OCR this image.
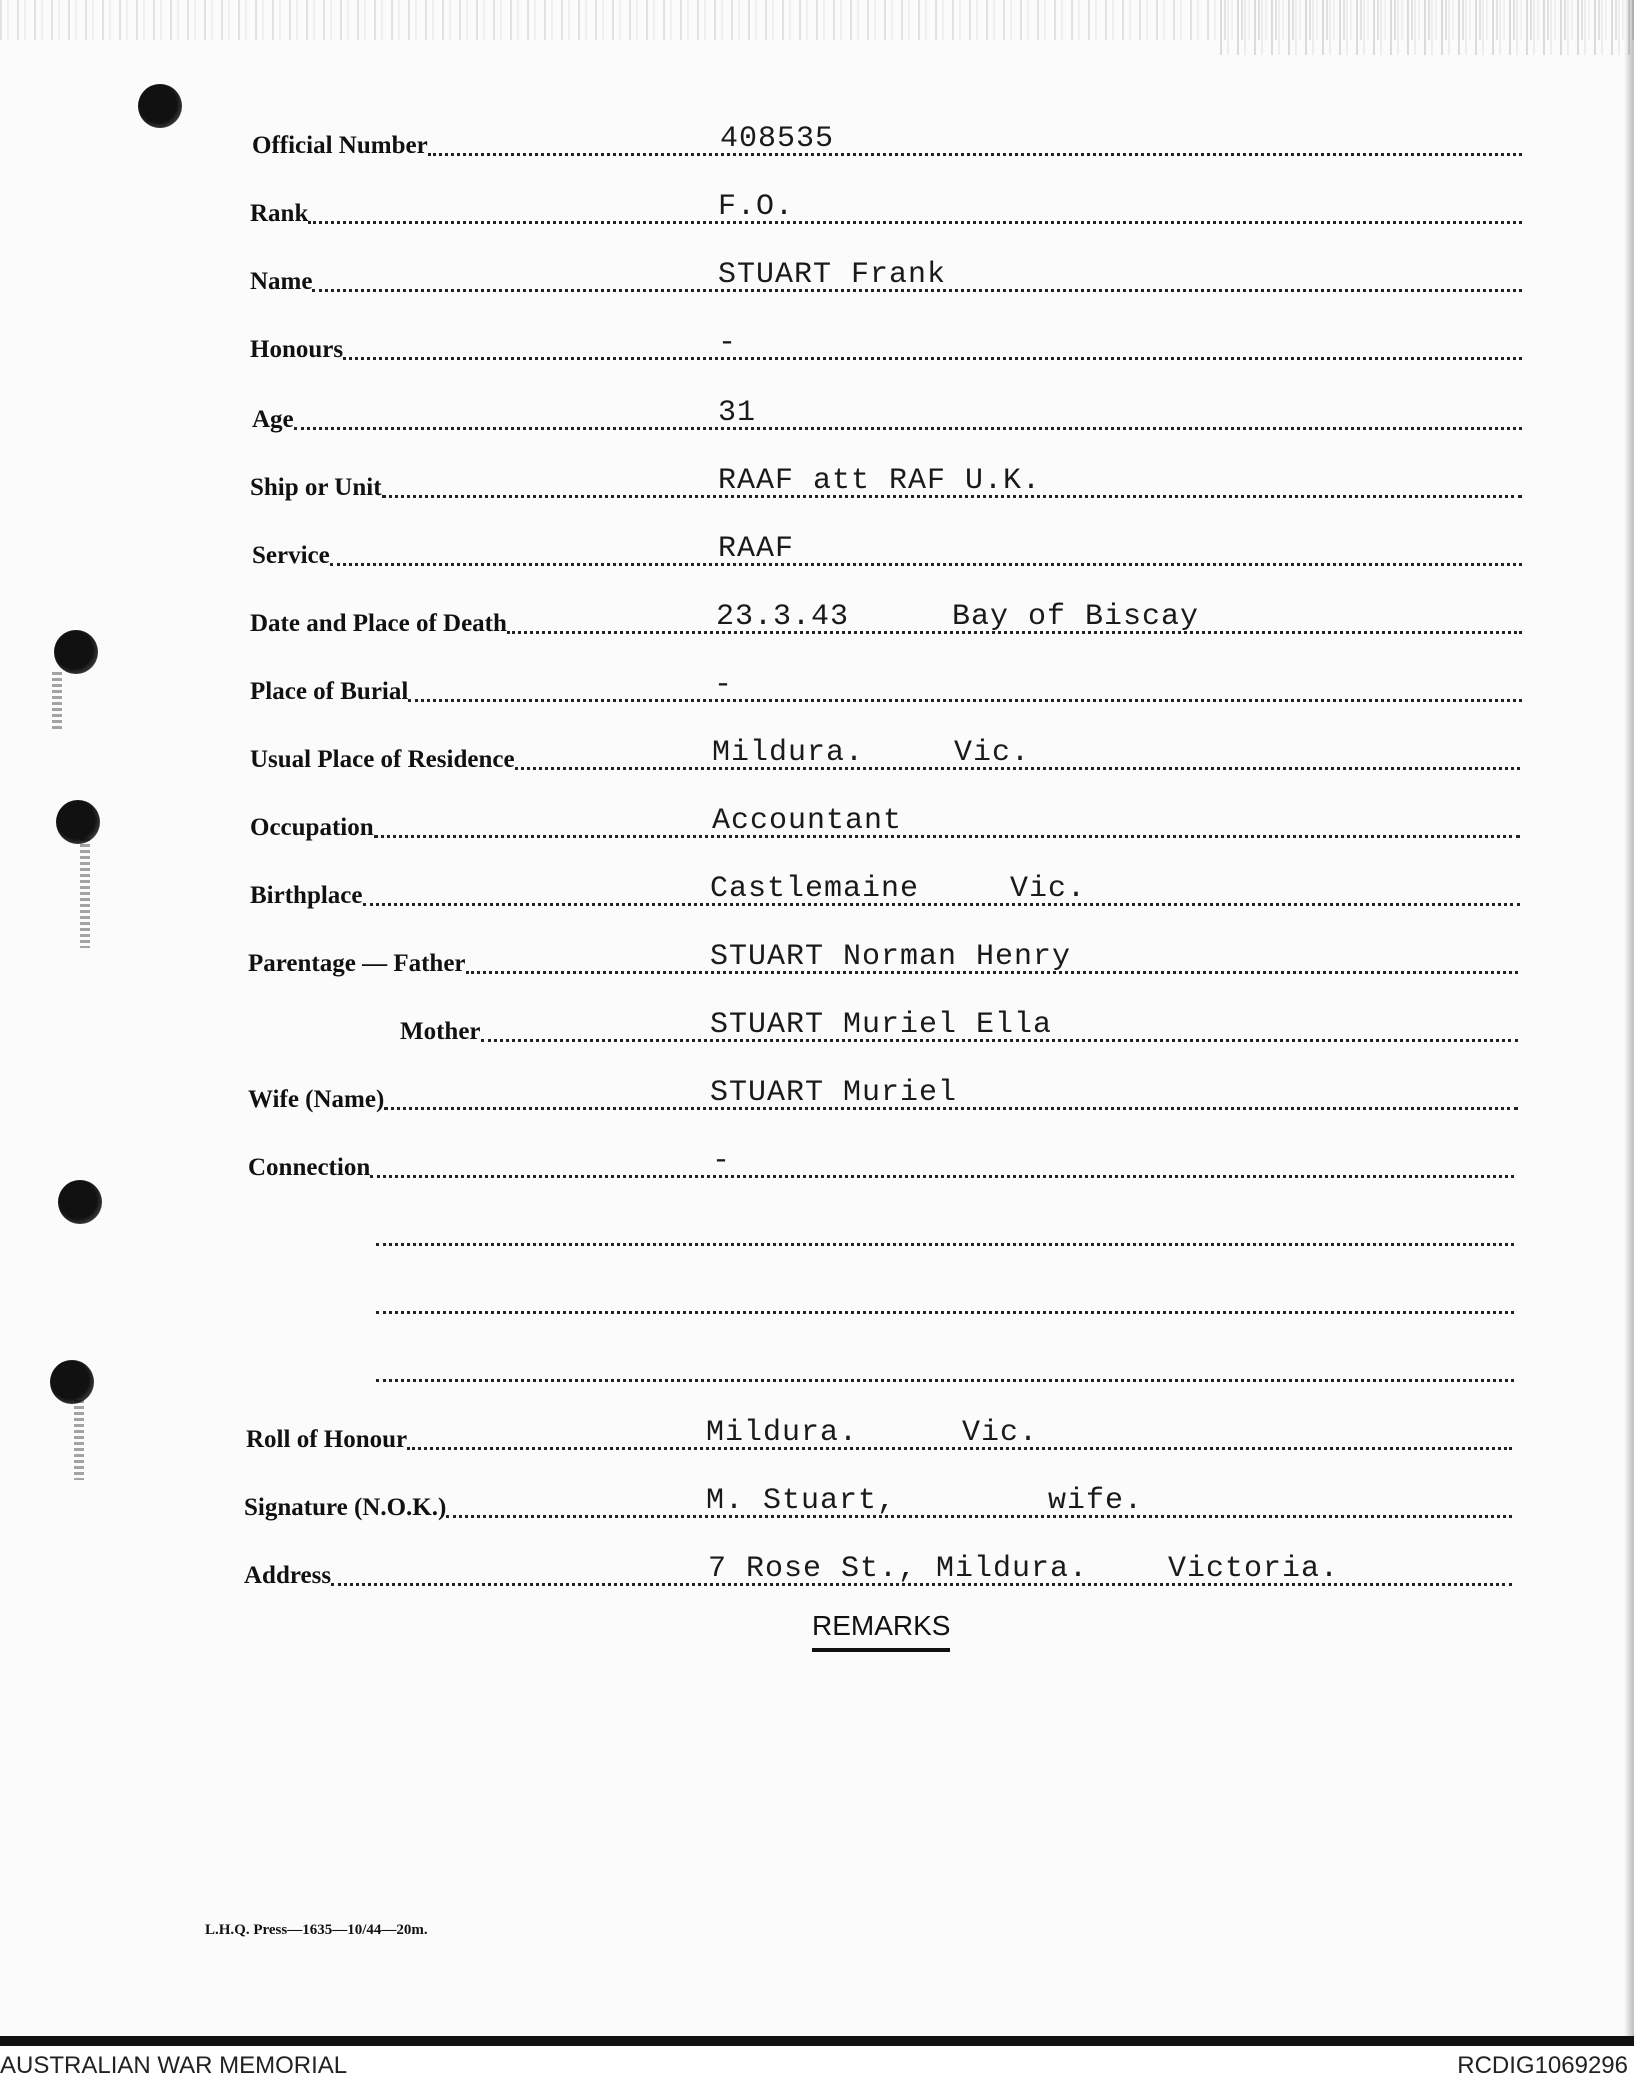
Official Number	408535
Rank	F.O.
Name	STUART Frank
Honours	-
Age	31
Ship or Unit	RAAF att RAF U.K.
Service	RAAF
Date and Place of Death	23.3.43	Bay of Biscay
Place of Burial	-
Usual Place of Residence	Mildura.	Vic.
Occupation	Accountant
Birthplace	Castlemaine	Vic.
Parentage — Father	STUART Norman Henry
Mother	STUART Muriel Ella
Wife (Name)	STUART Muriel
Connection	-
Roll of Honour	Mildura.	Vic.
Signature (N.O.K.)	M. Stuart,	wife.
Address	7 Rose St., Mildura.	Victoria.
REMARKS
L.H.Q. Press—1635—10/44—20m.
AUSTRALIAN WAR MEMORIAL	RCDIG1069296
